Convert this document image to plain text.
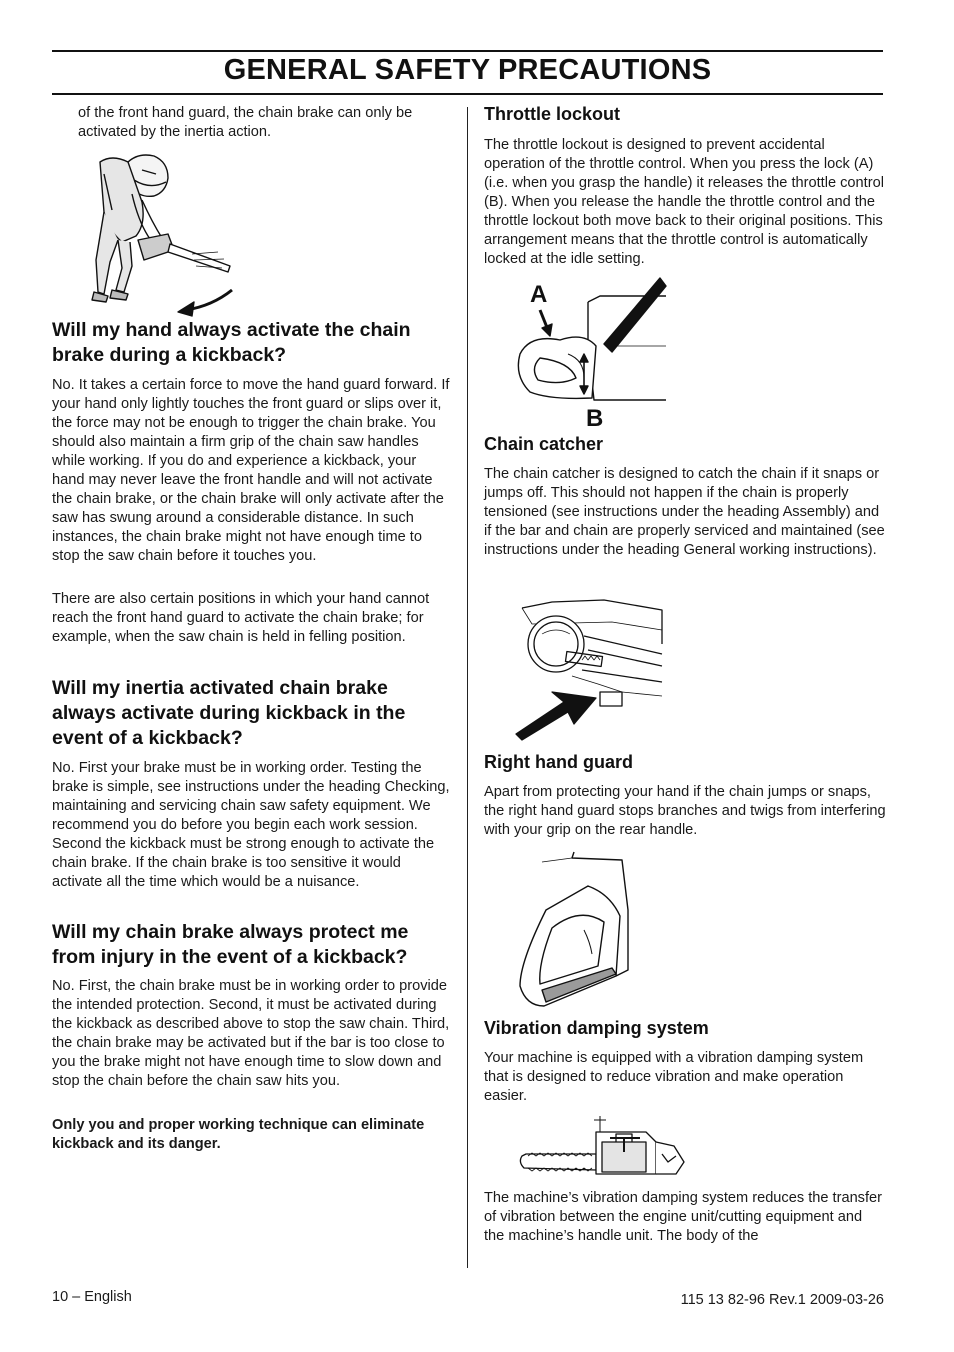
GENERAL SAFETY PRECAUTIONS

of the front hand guard, the chain brake can only be activated by the inertia action.

Will my hand always activate the chain brake during a kickback?

No. It takes a certain force to move the hand guard forward. If your hand only lightly touches the front guard or slips over it, the force may not be enough to trigger the chain brake. You should also maintain a firm grip of the chain saw handles while working. If you do and experience a kickback, your hand may never leave the front handle and will not activate the chain brake, or the chain brake will only activate after the saw has swung around a considerable distance. In such instances, the chain brake might not have enough time to stop the saw chain before it touches you.

There are also certain positions in which your hand cannot reach the front hand guard to activate the chain brake; for example, when the saw chain is held in felling position.

Will my inertia activated chain brake always activate during kickback in the event of a kickback?

No. First your brake must be in working order. Testing the brake is simple, see instructions under the heading Checking, maintaining and servicing chain saw safety equipment. We recommend you do before you begin each work session. Second the kickback must be strong enough to activate the chain brake. If the chain brake is too sensitive it would activate all the time which would be a nuisance.

Will my chain brake always protect me from injury in the event of a kickback?

No. First, the chain brake must be in working order to provide the intended protection. Second, it must be activated during the kickback as described above to stop the saw chain. Third, the chain brake may be activated but if the bar is too close to you the brake might not have enough time to slow down and stop the chain before the chain saw hits you.

Only you and proper working technique can eliminate kickback and its danger.

Throttle lockout

The throttle lockout is designed to prevent accidental operation of the throttle control. When you press the lock (A) (i.e. when you grasp the handle) it releases the throttle control (B). When you release the handle the throttle control and the throttle lockout both move back to their original positions. This arrangement means that the throttle control is automatically locked at the idle setting.

A
B
Chain catcher

The chain catcher is designed to catch the chain if it snaps or jumps off. This should not happen if the chain is properly tensioned (see instructions under the heading Assembly) and if the bar and chain are properly serviced and maintained (see instructions under the heading General working instructions).

Right hand guard

Apart from protecting your hand if the chain jumps or snaps, the right hand guard stops branches and twigs from interfering with your grip on the rear handle.

Vibration damping system

Your machine is equipped with a vibration damping system that is designed to reduce vibration and make operation easier.

The machine’s vibration damping system reduces the transfer of vibration between the engine unit/cutting equipment and the machine’s handle unit. The body of the

10 – English	115 13 82-96 Rev.1 2009-03-26
